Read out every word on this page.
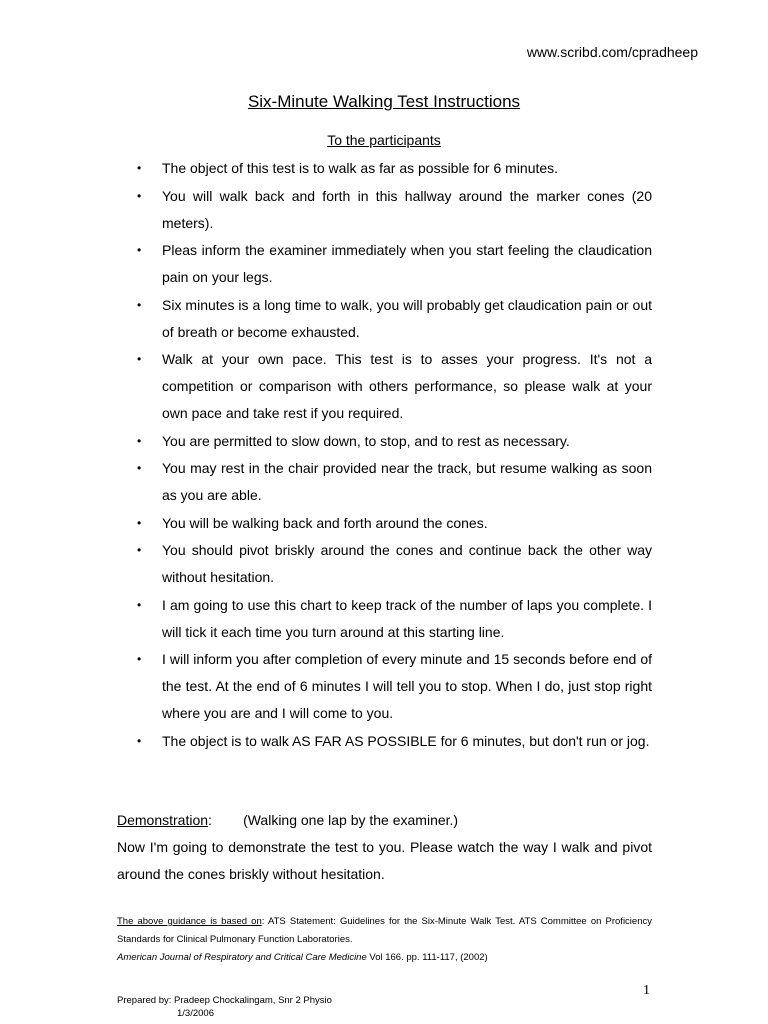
www.scribd.com/cpradheep
Six-Minute Walking Test Instructions
To the participants
• The object of this test is to walk as far as possible for 6 minutes.
• You will walk back and forth in this hallway around the marker cones (20 meters).
• Pleas inform the examiner immediately when you start feeling the claudication pain on your legs.
• Six minutes is a long time to walk, you will probably get claudication pain or out of breath or become exhausted.
• Walk at your own pace. This test is to asses your progress. It's not a competition or comparison with others performance, so please walk at your own pace and take rest if you required.
• You are permitted to slow down, to stop, and to rest as necessary.
• You may rest in the chair provided near the track, but resume walking as soon as you are able.
• You will be walking back and forth around the cones.
• You should pivot briskly around the cones and continue back the other way without hesitation.
• I am going to use this chart to keep track of the number of laps you complete. I will tick it each time you turn around at this starting line.
• I will inform you after completion of every minute and 15 seconds before end of the test. At the end of 6 minutes I will tell you to stop. When I do, just stop right where you are and I will come to you.
• The object is to walk AS FAR AS POSSIBLE for 6 minutes, but don't run or jog.
Demonstration: (Walking one lap by the examiner.)

Now I'm going to demonstrate the test to you. Please watch the way I walk and pivot around the cones briskly without hesitation.

The above guidance is based on: ATS Statement: Guidelines for the Six-Minute Walk Test. ATS Committee on Proficiency Standards for Clinical Pulmonary Function Laboratories.

American Journal of Respiratory and Critical Care Medicine Vol 166. pp. 111-117, (2002)

1
Prepared by: Pradeep Chockalingam, Snr 2 Physio
1/3/2006
